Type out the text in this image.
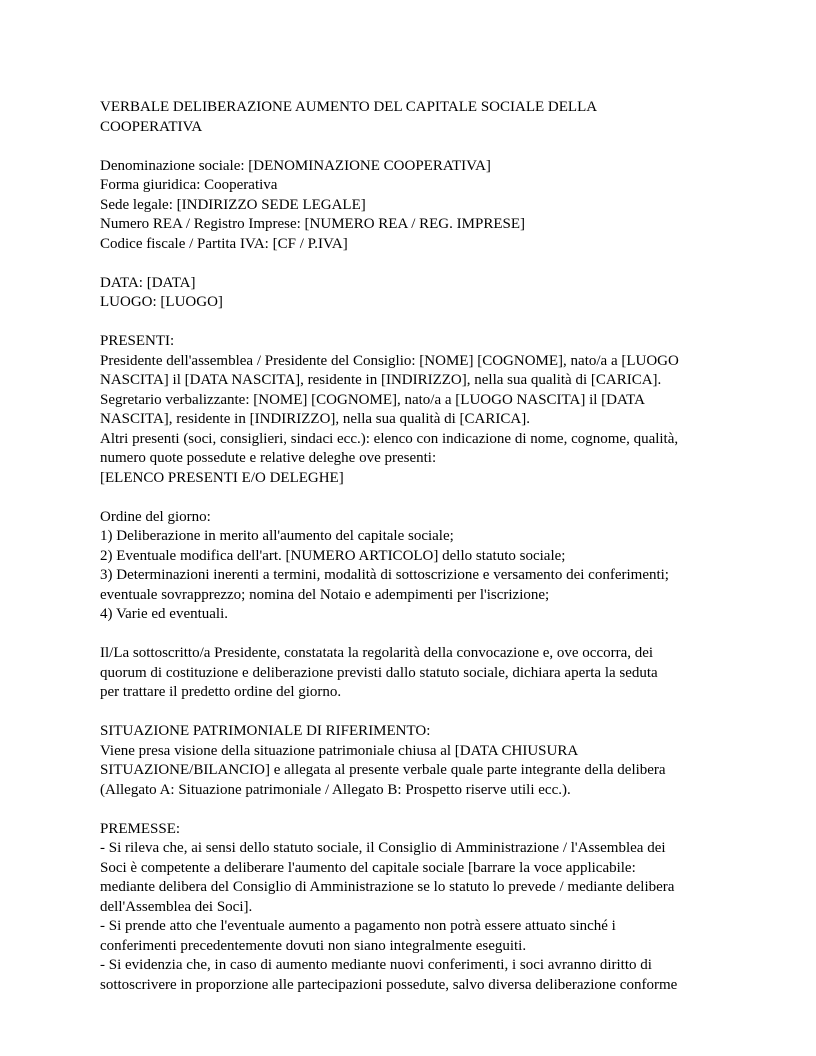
VERBALE DELIBERAZIONE AUMENTO DEL CAPITALE SOCIALE DELLA
COOPERATIVA
Denominazione sociale: [DENOMINAZIONE COOPERATIVA]
Forma giuridica: Cooperativa
Sede legale: [INDIRIZZO SEDE LEGALE]
Numero REA / Registro Imprese: [NUMERO REA / REG. IMPRESE]
Codice fiscale / Partita IVA: [CF / P.IVA]
DATA: [DATA]
LUOGO: [LUOGO]
PRESENTI:
Presidente dell'assemblea / Presidente del Consiglio: [NOME] [COGNOME], nato/a a [LUOGO
NASCITA] il [DATA NASCITA], residente in [INDIRIZZO], nella sua qualità di [CARICA].
Segretario verbalizzante: [NOME] [COGNOME], nato/a a [LUOGO NASCITA] il [DATA
NASCITA], residente in [INDIRIZZO], nella sua qualità di [CARICA].
Altri presenti (soci, consiglieri, sindaci ecc.): elenco con indicazione di nome, cognome, qualità,
numero quote possedute e relative deleghe ove presenti:
[ELENCO PRESENTI E/O DELEGHE]
Ordine del giorno:
1) Deliberazione in merito all'aumento del capitale sociale;
2) Eventuale modifica dell'art. [NUMERO ARTICOLO] dello statuto sociale;
3) Determinazioni inerenti a termini, modalità di sottoscrizione e versamento dei conferimenti;
eventuale sovrapprezzo; nomina del Notaio e adempimenti per l'iscrizione;
4) Varie ed eventuali.
Il/La sottoscritto/a Presidente, constatata la regolarità della convocazione e, ove occorra, dei
quorum di costituzione e deliberazione previsti dallo statuto sociale, dichiara aperta la seduta
per trattare il predetto ordine del giorno.
SITUAZIONE PATRIMONIALE DI RIFERIMENTO:
Viene presa visione della situazione patrimoniale chiusa al [DATA CHIUSURA
SITUAZIONE/BILANCIO] e allegata al presente verbale quale parte integrante della delibera
(Allegato A: Situazione patrimoniale / Allegato B: Prospetto riserve utili ecc.).
PREMESSE:
- Si rileva che, ai sensi dello statuto sociale, il Consiglio di Amministrazione / l'Assemblea dei
Soci è competente a deliberare l'aumento del capitale sociale [barrare la voce applicabile:
mediante delibera del Consiglio di Amministrazione se lo statuto lo prevede / mediante delibera
dell'Assemblea dei Soci].
- Si prende atto che l'eventuale aumento a pagamento non potrà essere attuato sinché i
conferimenti precedentemente dovuti non siano integralmente eseguiti.
- Si evidenzia che, in caso di aumento mediante nuovi conferimenti, i soci avranno diritto di
sottoscrivere in proporzione alle partecipazioni possedute, salvo diversa deliberazione conforme
